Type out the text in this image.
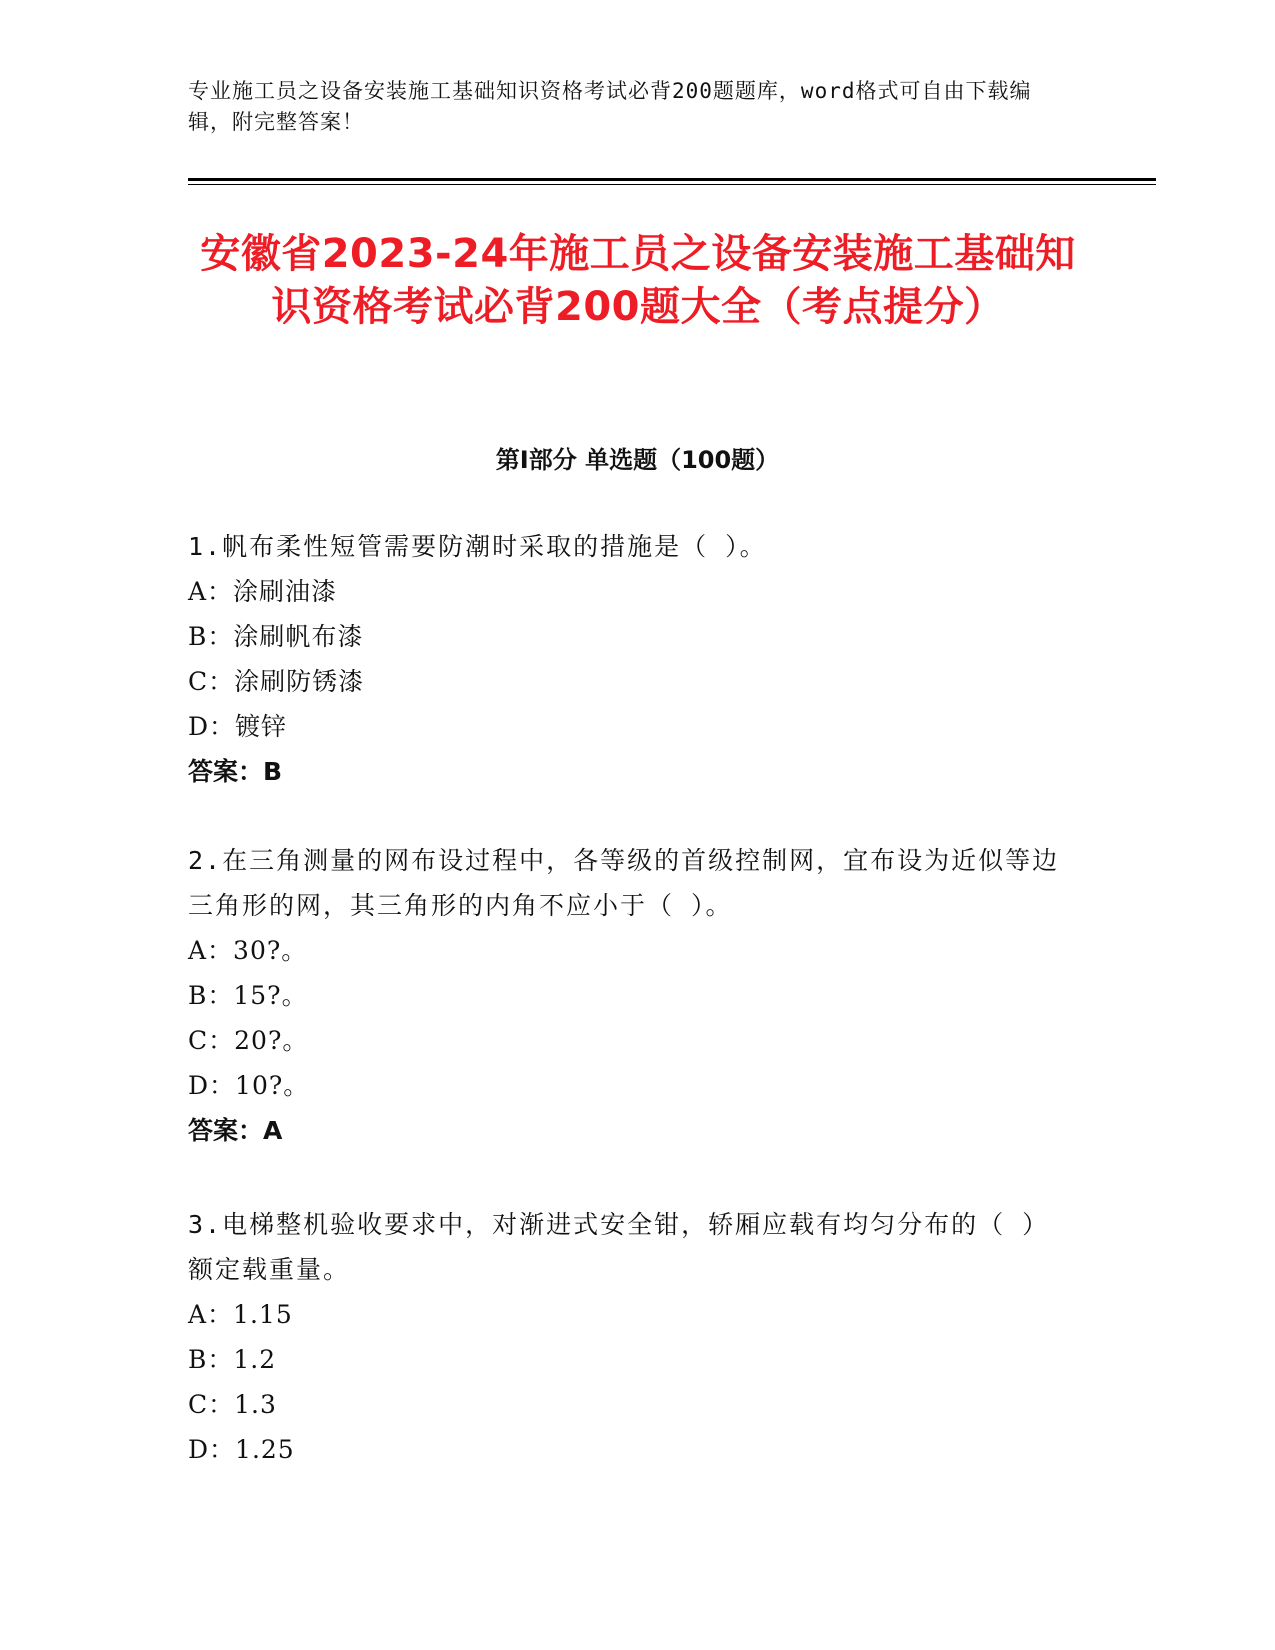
专业施工员之设备安装施工基础知识资格考试必背200题题库，word格式可自由下载编辑，附完整答案！
安徽省2023-24年施工员之设备安装施工基础知识资格考试必背200题大全（考点提分）
第I部分 单选题（100题）
1.帆布柔性短管需要防潮时采取的措施是（ ）。
A：涂刷油漆
B：涂刷帆布漆
C：涂刷防锈漆
D：镀锌
答案：B
2.在三角测量的网布设过程中，各等级的首级控制网，宜布设为近似等边三角形的网，其三角形的内角不应小于（ ）。
A：30?。
B：15?。
C：20?。
D：10?。
答案：A
3.电梯整机验收要求中，对渐进式安全钳，轿厢应载有均匀分布的（ ）额定载重量。
A：1.15
B：1.2
C：1.3
D：1.25
